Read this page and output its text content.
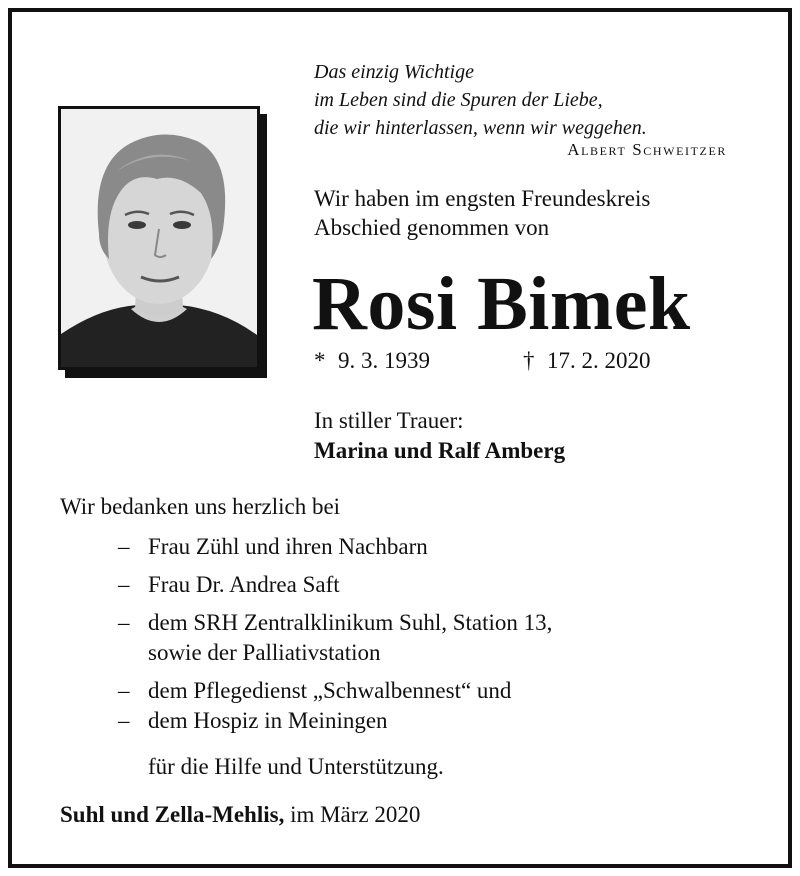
Das einzig Wichtige
im Leben sind die Spuren der Liebe,
die wir hinterlassen, wenn wir weggehen.
Albert Schweitzer
Wir haben im engsten Freundeskreis
Abschied genommen von
Rosi Bimek
* 9. 3. 1939	† 17. 2. 2020
In stiller Trauer:
Marina und Ralf Amberg
Wir bedanken uns herzlich bei
– Frau Zühl und ihren Nachbarn
– Frau Dr. Andrea Saft
– dem SRH Zentralklinikum Suhl, Station 13,
sowie der Palliativstation
– dem Pflegedienst „Schwalbennest“ und
– dem Hospiz in Meiningen
für die Hilfe und Unterstützung.
Suhl und Zella-Mehlis, im März 2020
